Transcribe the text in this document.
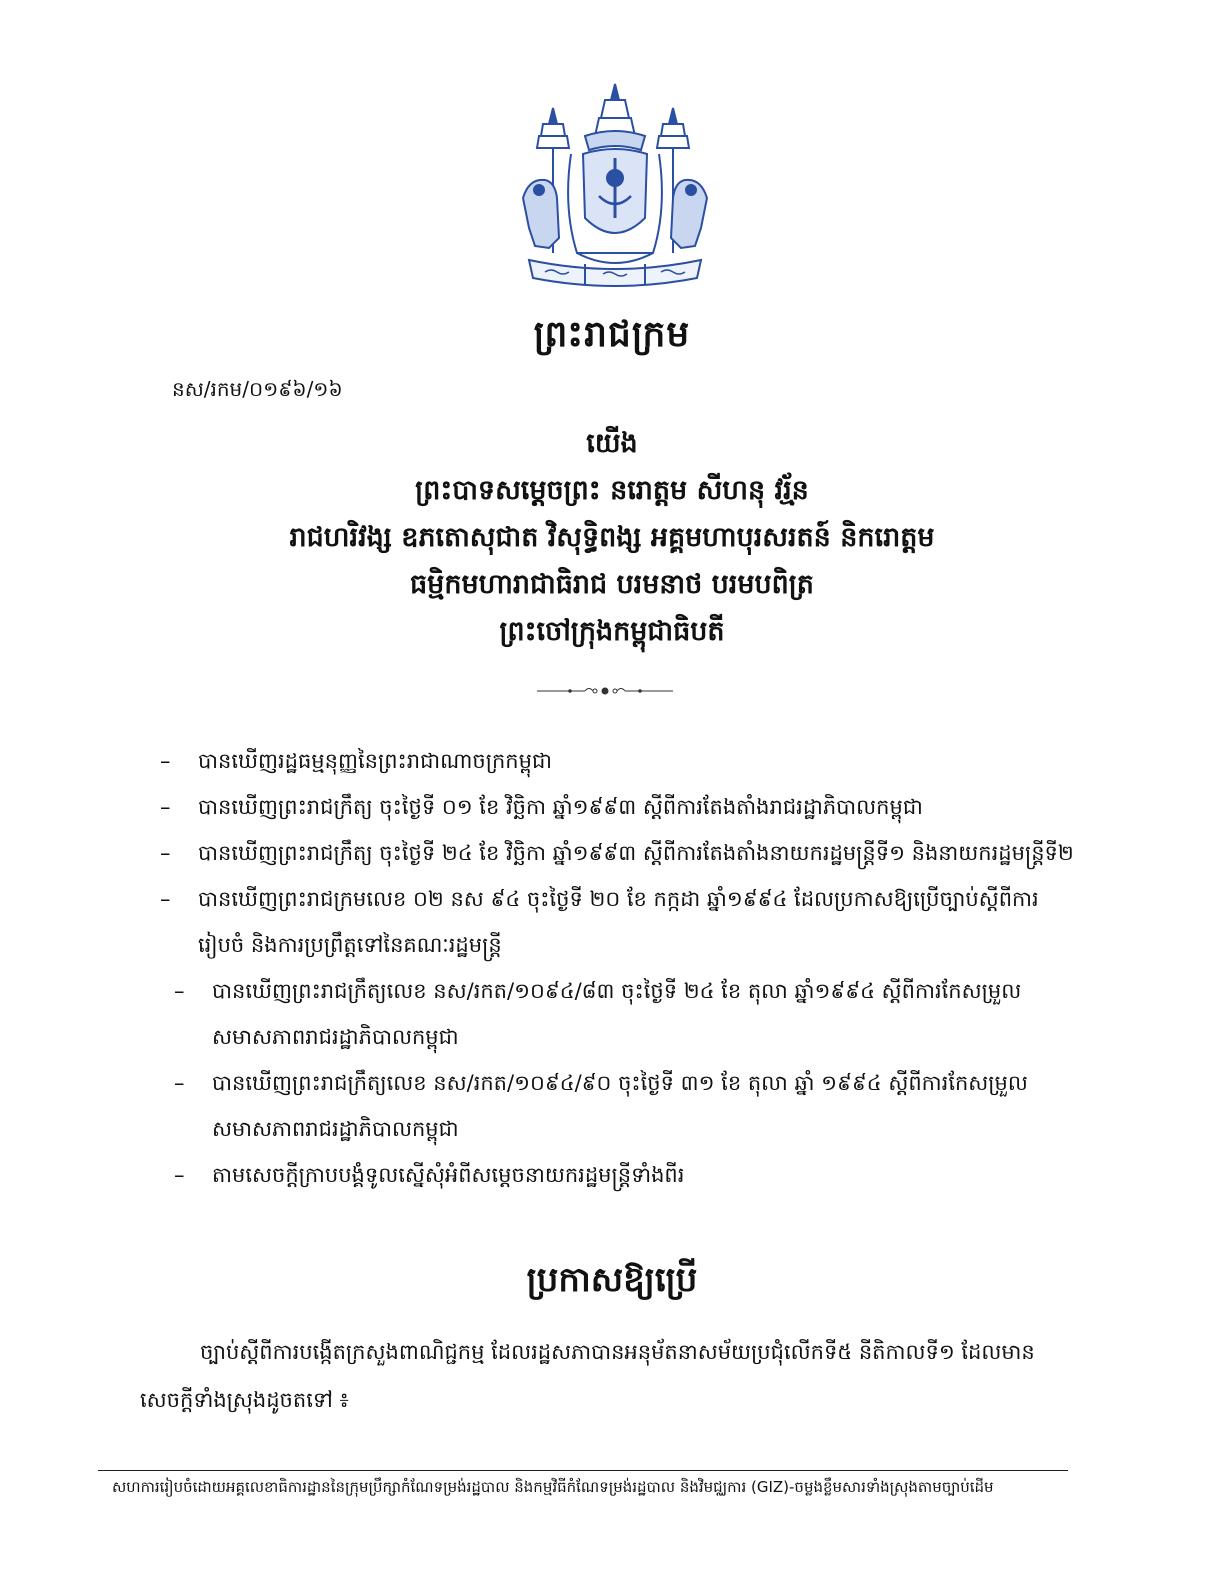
ព្រះរាជក្រម
នស/រកម/០១៩៦/១៦
យើង
ព្រះបាទសម្តេចព្រះ នរោត្តម សីហនុ វរ្ម័ន
រាជហរិវង្ស ឧភតោសុជាត វិសុទ្ធិពង្ស អគ្គមហាបុរសរតន៍ និករោត្តម
ធម្មិកមហារាជាធិរាជ បរមនាថ បរមបពិត្រ
ព្រះចៅក្រុងកម្ពុជាធិបតី
– បានឃើញរដ្ឋធម្មនុញ្ញនៃព្រះរាជាណាចក្រកម្ពុជា
– បានឃើញព្រះរាជក្រឹត្យ ចុះថ្ងៃទី ០១ ខែ វិច្ឆិកា ឆ្នាំ១៩៩៣ ស្តីពីការតែងតាំងរាជរដ្ឋាភិបាលកម្ពុជា
– បានឃើញព្រះរាជក្រឹត្យ ចុះថ្ងៃទី ២៤ ខែ វិច្ឆិកា ឆ្នាំ១៩៩៣ ស្តីពីការតែងតាំងនាយករដ្ឋមន្ត្រីទី១ និងនាយករដ្ឋមន្ត្រីទី២
– បានឃើញព្រះរាជក្រមលេខ ០២ នស ៩៤ ចុះថ្ងៃទី ២០ ខែ កក្កដា ឆ្នាំ១៩៩៤ ដែលប្រកាសឱ្យប្រើច្បាប់ស្តីពីការរៀបចំ និងការប្រព្រឹត្តទៅនៃគណៈរដ្ឋមន្ត្រី
– បានឃើញព្រះរាជក្រឹត្យលេខ នស/រកត/១០៩៤/៨៣ ចុះថ្ងៃទី ២៤ ខែ តុលា ឆ្នាំ១៩៩៤ ស្តីពីការកែសម្រួលសមាសភាពរាជរដ្ឋាភិបាលកម្ពុជា
– បានឃើញព្រះរាជក្រឹត្យលេខ នស/រកត/១០៩៤/៩០ ចុះថ្ងៃទី ៣១ ខែ តុលា ឆ្នាំ ១៩៩៤ ស្តីពីការកែសម្រួលសមាសភាពរាជរដ្ឋាភិបាលកម្ពុជា
– តាមសេចក្តីក្រាបបង្គំទូលស្នើសុំអំពីសម្តេចនាយករដ្ឋមន្ត្រីទាំងពីរ
ប្រកាសឱ្យប្រើ

ច្បាប់ស្តីពីការបង្កើតក្រសួងពាណិជ្ជកម្ម ដែលរដ្ឋសភាបានអនុម័តនាសម័យប្រជុំលើកទី៥ នីតិកាលទី១ ដែលមានសេចក្តីទាំងស្រុងដូចតទៅ ៖

សហការរៀបចំដោយអគ្គលេខាធិការដ្ឋាននៃក្រុមប្រឹក្សាកំណែទម្រង់រដ្ឋបាល និងកម្មវិធីកំណែទម្រង់រដ្ឋបាល និងវិមជ្ឈការ (GIZ)-ចម្លងខ្លឹមសារទាំងស្រុងតាមច្បាប់ដើម
